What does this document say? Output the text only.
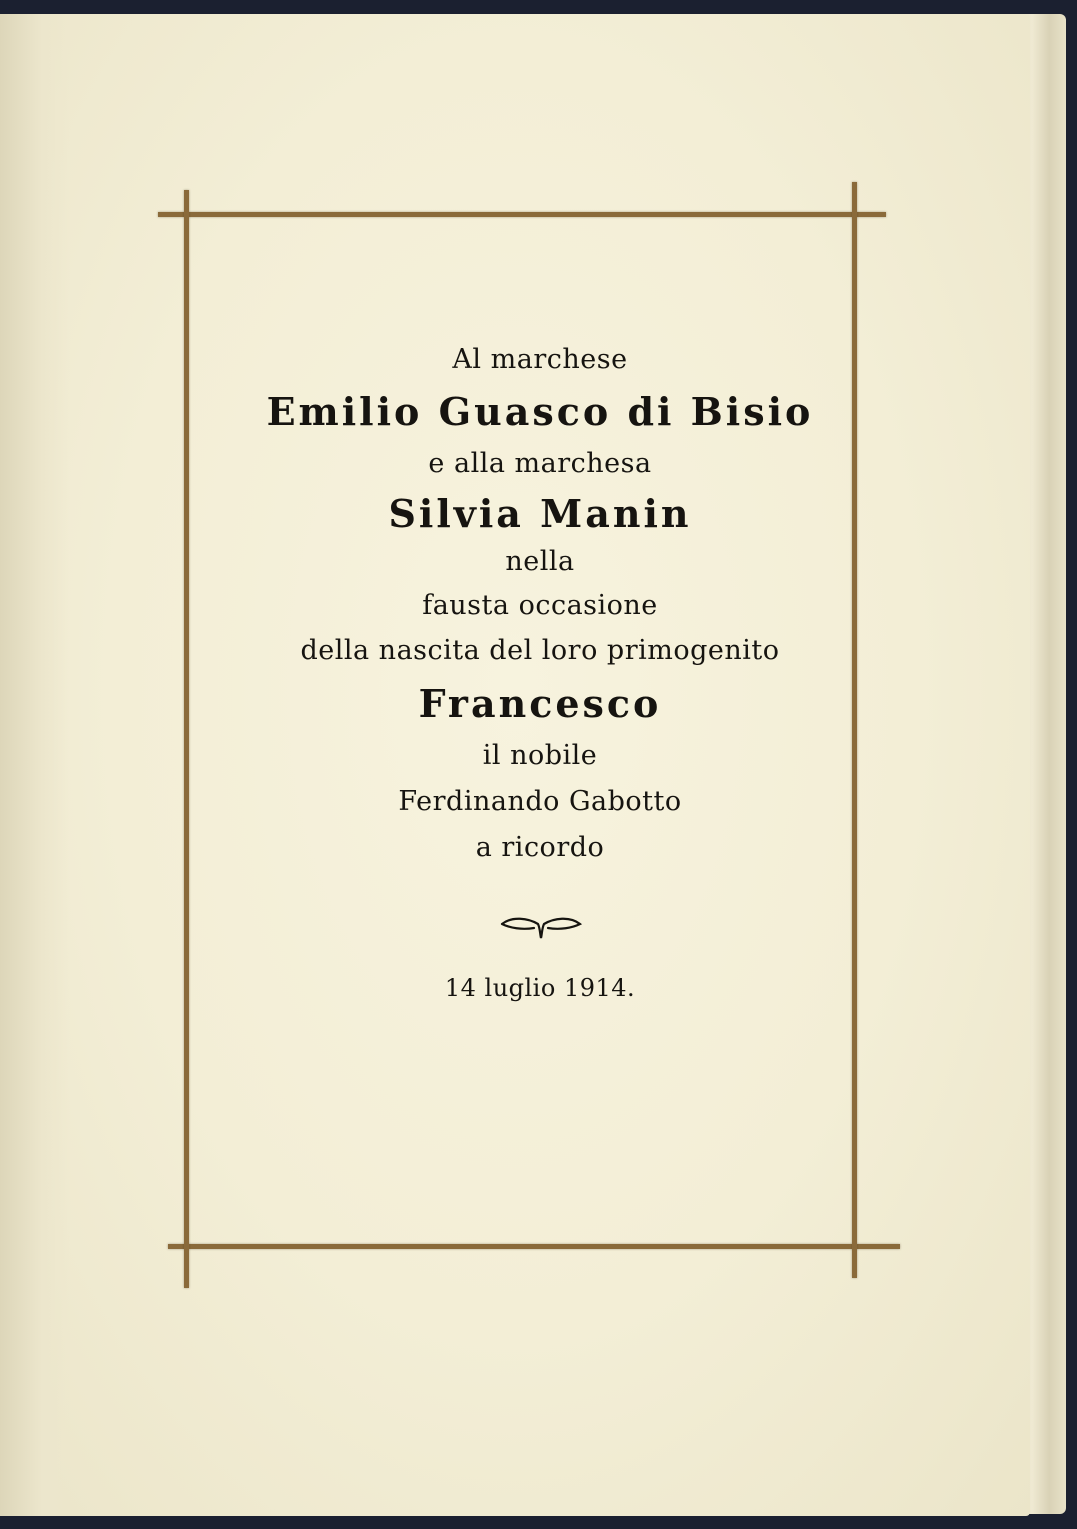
Al marchese
Emilio Guasco di Bisio
e alla marchesa
Silvia Manin
nella
fausta occasione
della nascita del loro primogenito
Francesco
il nobile
Ferdinando Gabotto
a ricordo
14 luglio 1914.
